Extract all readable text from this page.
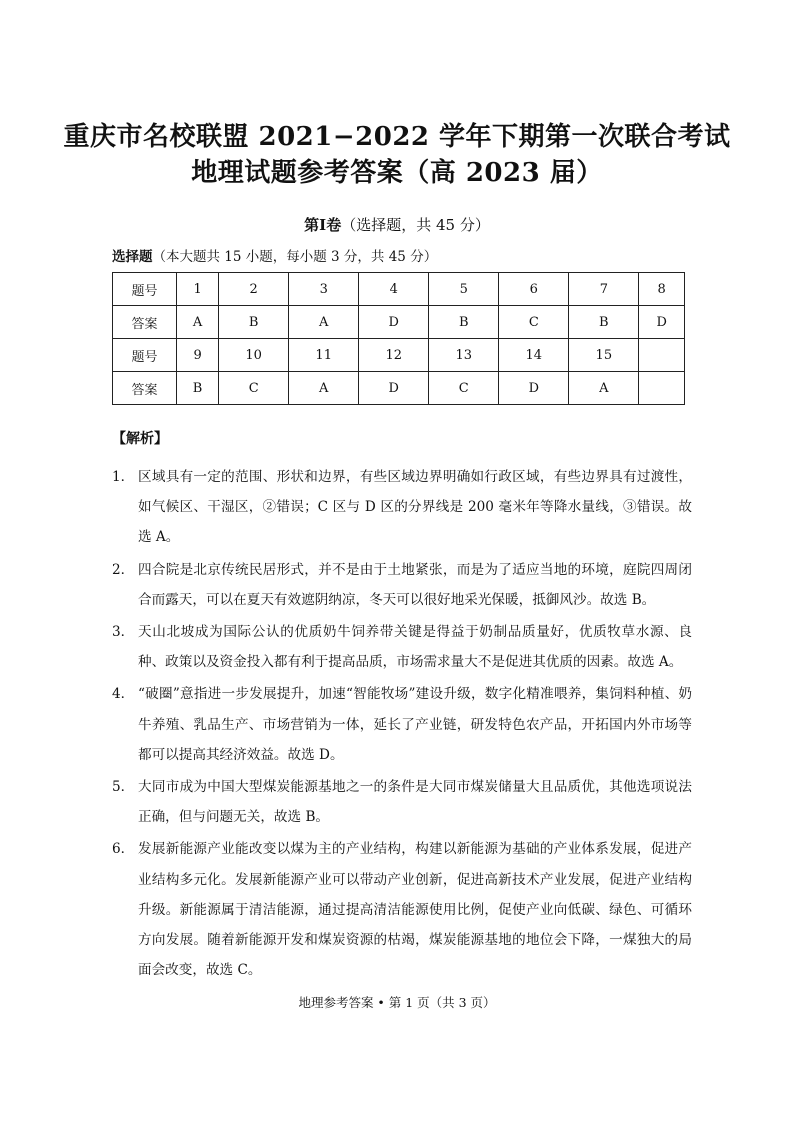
重庆市名校联盟 2021−2022 学年下期第一次联合考试
地理试题参考答案（高 2023 届）
第Ⅰ卷（选择题，共 45 分）
选择题（本大题共 15 小题，每小题 3 分，共 45 分）
题号	1	2	3	4	5	6	7	8
答案	A	B	A	D	B	C	B	D
题号	9	10	11	12	13	14	15	
答案	B	C	A	D	C	D	A	
【解析】
1． 区域具有一定的范围、形状和边界，有些区域边界明确如行政区域，有些边界具有过渡性，如气候区、干湿区，②错误；C 区与 D 区的分界线是 200 毫米年等降水量线，③错误。故选 A。
2． 四合院是北京传统民居形式，并不是由于土地紧张，而是为了适应当地的环境，庭院四周闭合而露天，可以在夏天有效遮阴纳凉，冬天可以很好地采光保暖，抵御风沙。故选 B。
3． 天山北坡成为国际公认的优质奶牛饲养带关键是得益于奶制品质量好，优质牧草水源、良种、政策以及资金投入都有利于提高品质，市场需求量大不是促进其优质的因素。故选 A。
4． “破圈”意指进一步发展提升，加速“智能牧场”建设升级，数字化精准喂养，集饲料种植、奶牛养殖、乳品生产、市场营销为一体，延长了产业链，研发特色农产品，开拓国内外市场等都可以提高其经济效益。故选 D。
5． 大同市成为中国大型煤炭能源基地之一的条件是大同市煤炭储量大且品质优，其他选项说法正确，但与问题无关，故选 B。
6． 发展新能源产业能改变以煤为主的产业结构，构建以新能源为基础的产业体系发展，促进产业结构多元化。发展新能源产业可以带动产业创新，促进高新技术产业发展，促进产业结构升级。新能源属于清洁能源，通过提高清洁能源使用比例，促使产业向低碳、绿色、可循环方向发展。随着新能源开发和煤炭资源的枯竭，煤炭能源基地的地位会下降，一煤独大的局面会改变，故选 C。
地理参考答案 • 第 1 页（共 3 页）
